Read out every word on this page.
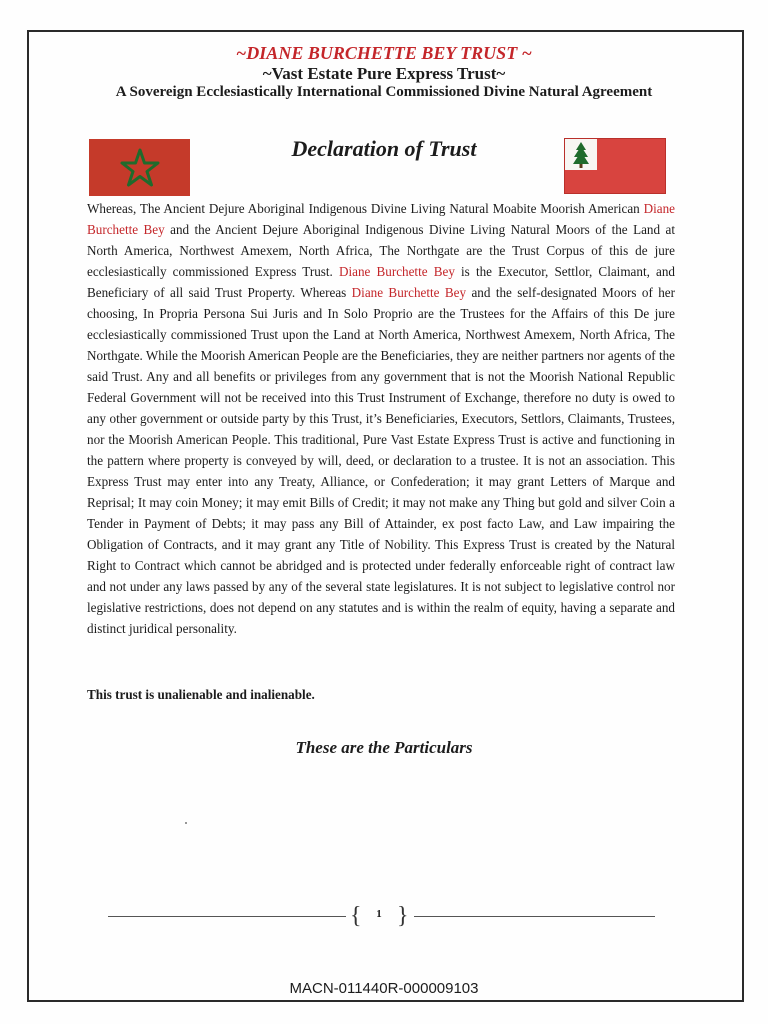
~DIANE BURCHETTE BEY TRUST ~
~Vast Estate Pure Express Trust~
A Sovereign Ecclesiastically International Commissioned Divine Natural Agreement
Declaration of Trust
Whereas, The Ancient Dejure Aboriginal Indigenous Divine Living Natural Moabite Moorish American Diane Burchette Bey and the Ancient Dejure Aboriginal Indigenous Divine Living Natural Moors of the Land at North America, Northwest Amexem, North Africa, The Northgate are the Trust Corpus of this de jure ecclesiastically commissioned Express Trust. Diane Burchette Bey is the Executor, Settlor, Claimant, and Beneficiary of all said Trust Property. Whereas Diane Burchette Bey and the self-designated Moors of her choosing, In Propria Persona Sui Juris and In Solo Proprio are the Trustees for the Affairs of this De jure ecclesiastically commissioned Trust upon the Land at North America, Northwest Amexem, North Africa, The Northgate. While the Moorish American People are the Beneficiaries, they are neither partners nor agents of the said Trust. Any and all benefits or privileges from any government that is not the Moorish National Republic Federal Government will not be received into this Trust Instrument of Exchange, therefore no duty is owed to any other government or outside party by this Trust, it’s Beneficiaries, Executors, Settlors, Claimants, Trustees, nor the Moorish American People. This traditional, Pure Vast Estate Express Trust is active and functioning in the pattern where property is conveyed by will, deed, or declaration to a trustee. It is not an association. This Express Trust may enter into any Treaty, Alliance, or Confederation; it may grant Letters of Marque and Reprisal; It may coin Money; it may emit Bills of Credit; it may not make any Thing but gold and silver Coin a Tender in Payment of Debts; it may pass any Bill of Attainder, ex post facto Law, and Law impairing the Obligation of Contracts, and it may grant any Title of Nobility. This Express Trust is created by the Natural Right to Contract which cannot be abridged and is protected under federally enforceable right of contract law and not under any laws passed by any of the several state legislatures. It is not subject to legislative control nor legislative restrictions, does not depend on any statutes and is within the realm of equity, having a separate and distinct juridical personality.
This trust is unalienable and inalienable.
These are the Particulars
{	1 }
MACN-011440R-000009103
